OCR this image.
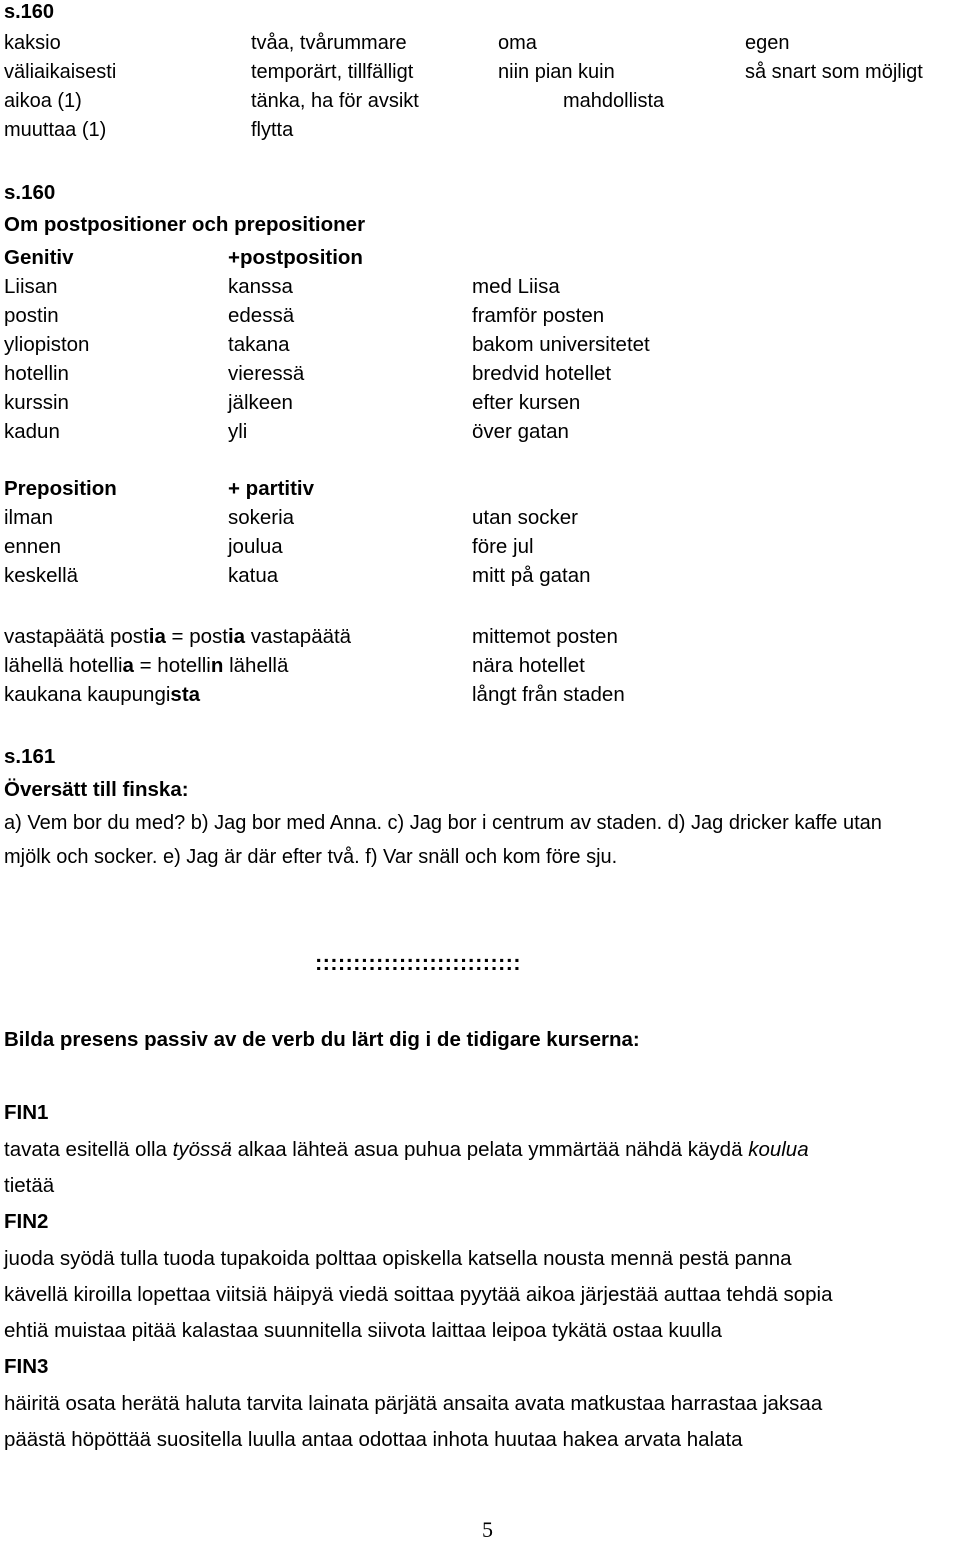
s.160
kaksio	tvåa, tvårummare	oma	egen
väliaikaisesti	temporärt, tillfälligt	niin pian kuin	så snart som möjligt
aikoa (1)	tänka, ha för avsikt	mahdollista
muuttaa (1)	flytta
s.160
Om postpositioner och prepositioner
Genitiv	+postposition
Liisan	kanssa	med Liisa
postin	edessä	framför posten
yliopiston	takana	bakom universitetet
hotellin	vieressä	bredvid hotellet
kurssin	jälkeen	efter kursen
kadun	yli	över gatan
Preposition	+ partitiv
ilman	sokeria	utan socker
ennen	joulua	före jul
keskellä	katua	mitt på gatan
vastapäätä postia = postia vastapäätä	mittemot posten
lähellä hotellia = hotellin lähellä	nära hotellet
kaukana kaupungista	långt från staden
s.161
Översätt till finska:
a) Vem bor du med? b) Jag bor med Anna. c) Jag bor i centrum av staden. d) Jag dricker kaffe utan
mjölk och socker. e) Jag är där efter två. f) Var snäll och kom före sju.
:::::::::::::::::::::::::::
Bilda presens passiv av de verb du lärt dig i de tidigare kurserna:
FIN1
tavata esitellä olla työssä alkaa lähteä asua puhua pelata ymmärtää nähdä käydä koulua
tietää
FIN2
juoda syödä tulla tuoda tupakoida polttaa opiskella katsella nousta mennä pestä panna
kävellä kiroilla lopettaa viitsiä häipyä viedä soittaa pyytää aikoa järjestää auttaa tehdä sopia
ehtiä muistaa pitää kalastaa suunnitella siivota laittaa leipoa tykätä ostaa kuulla
FIN3
häiritä osata herätä haluta tarvita lainata pärjätä ansaita avata matkustaa harrastaa jaksaa
päästä höpöttää suositella luulla antaa odottaa inhota huutaa hakea arvata halata
5
